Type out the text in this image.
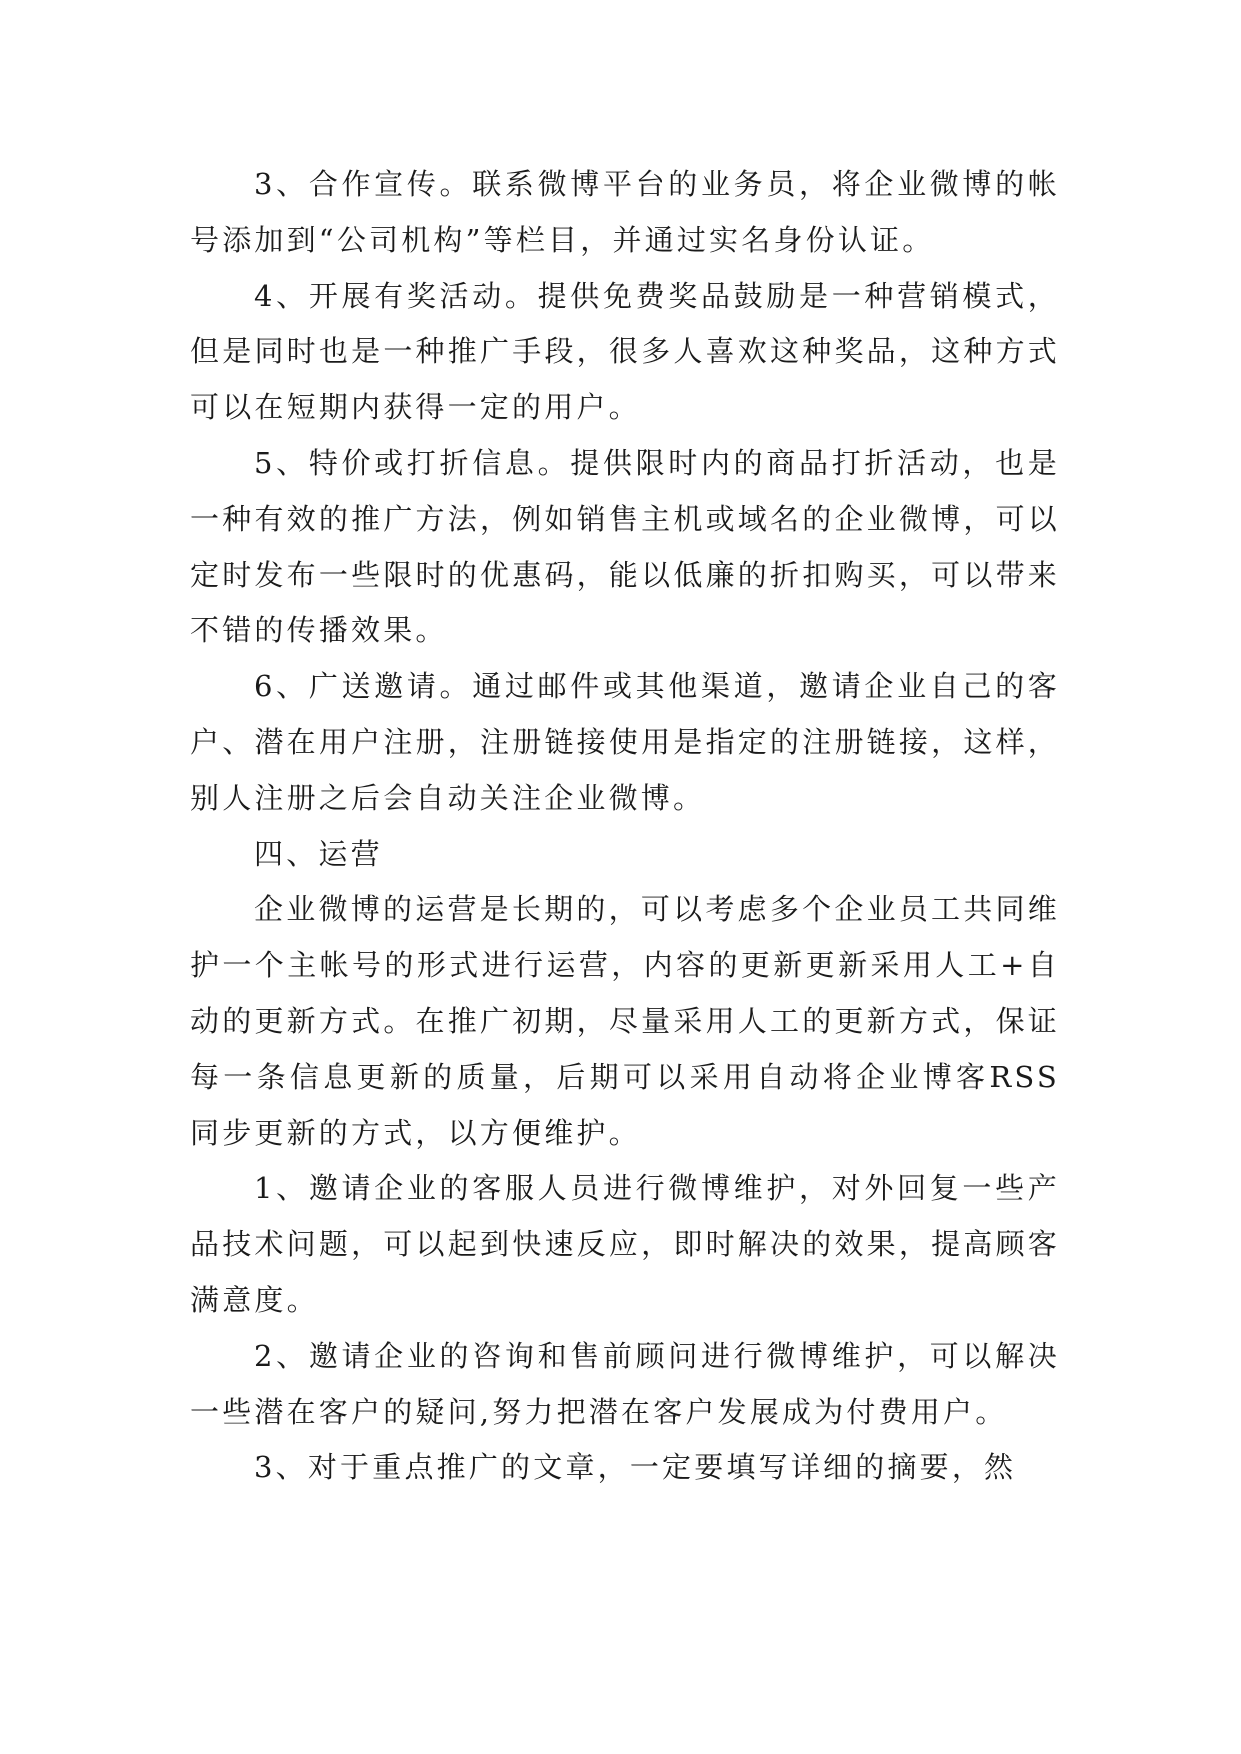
3、合作宣传。联系微博平台的业务员，将企业微博的帐号添加到“公司机构”等栏目，并通过实名身份认证。

4、开展有奖活动。提供免费奖品鼓励是一种营销模式，但是同时也是一种推广手段，很多人喜欢这种奖品，这种方式可以在短期内获得一定的用户。

5、特价或打折信息。提供限时内的商品打折活动，也是一种有效的推广方法，例如销售主机或域名的企业微博，可以定时发布一些限时的优惠码，能以低廉的折扣购买，可以带来不错的传播效果。

6、广送邀请。通过邮件或其他渠道，邀请企业自己的客户、潜在用户注册，注册链接使用是指定的注册链接，这样，别人注册之后会自动关注企业微博。

四、运营

企业微博的运营是长期的，可以考虑多个企业员工共同维护一个主帐号的形式进行运营，内容的更新更新采用人工+自动的更新方式。在推广初期，尽量采用人工的更新方式，保证每一条信息更新的质量，后期可以采用自动将企业博客RSS 同步更新的方式，以方便维护。

1、邀请企业的客服人员进行微博维护，对外回复一些产品技术问题，可以起到快速反应，即时解决的效果，提高顾客满意度。

2、邀请企业的咨询和售前顾问进行微博维护，可以解决一些潜在客户的疑问,努力把潜在客户发展成为付费用户。

3、对于重点推广的文章，一定要填写详细的摘要，然
